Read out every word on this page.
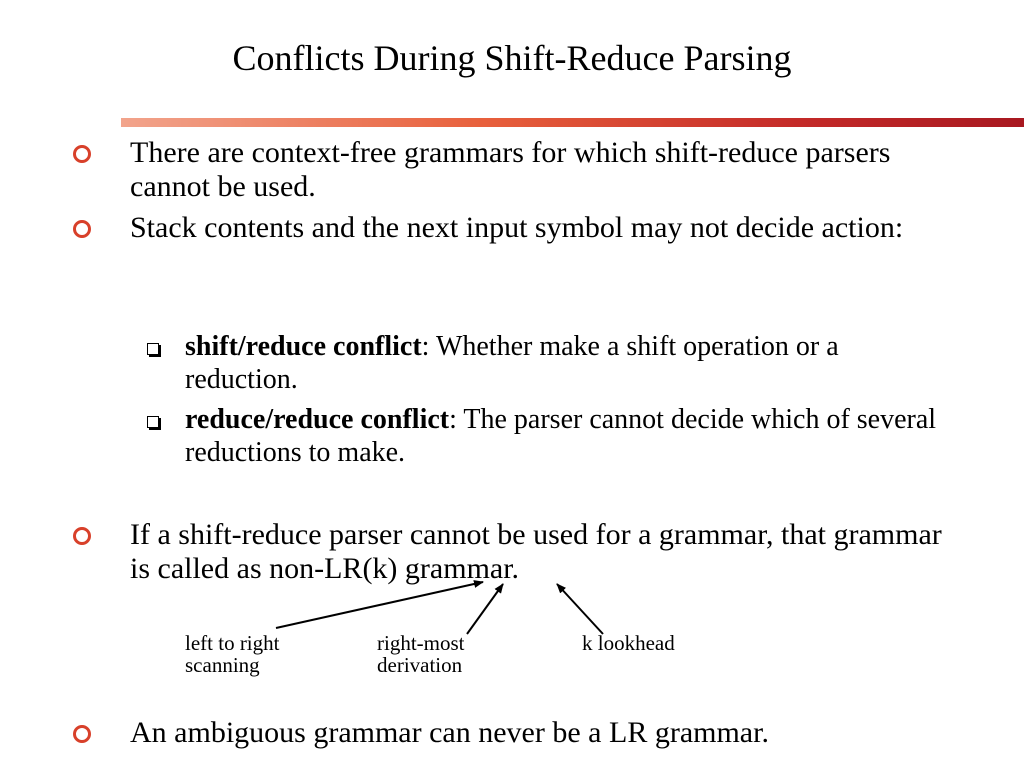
Conflicts During Shift-Reduce Parsing
There are context-free grammars for which shift-reduce parsers cannot be used.
Stack contents and the next input symbol may not decide action:
shift/reduce conflict: Whether make a shift operation or a reduction.
reduce/reduce conflict: The parser cannot decide which of several reductions to make.
If a shift-reduce parser cannot be used for a grammar, that grammar is called as non-LR(k) grammar.
left to right
scanning
right-most
derivation
k lookhead
An ambiguous grammar can never be a LR grammar.
